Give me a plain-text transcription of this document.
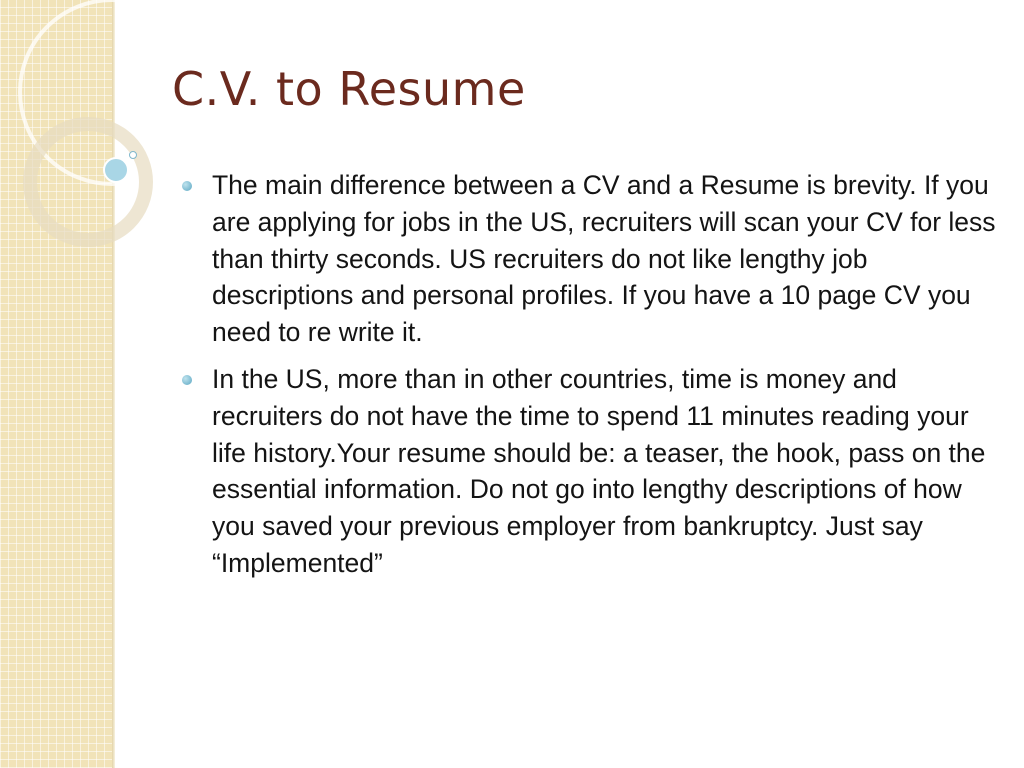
C.V. to Resume
The main difference between a CV and a Resume is brevity. If you are applying for jobs in the US, recruiters will scan your CV for less than thirty seconds. US recruiters do not like lengthy job descriptions and personal profiles. If you have a 10 page CV you need to re write it.
In the US, more than in other countries, time is money and recruiters do not have the time to spend 11 minutes reading your life history.Your resume should be: a teaser, the hook, pass on the essential information. Do not go into lengthy descriptions of how you saved your previous employer from bankruptcy. Just say “Implemented”
